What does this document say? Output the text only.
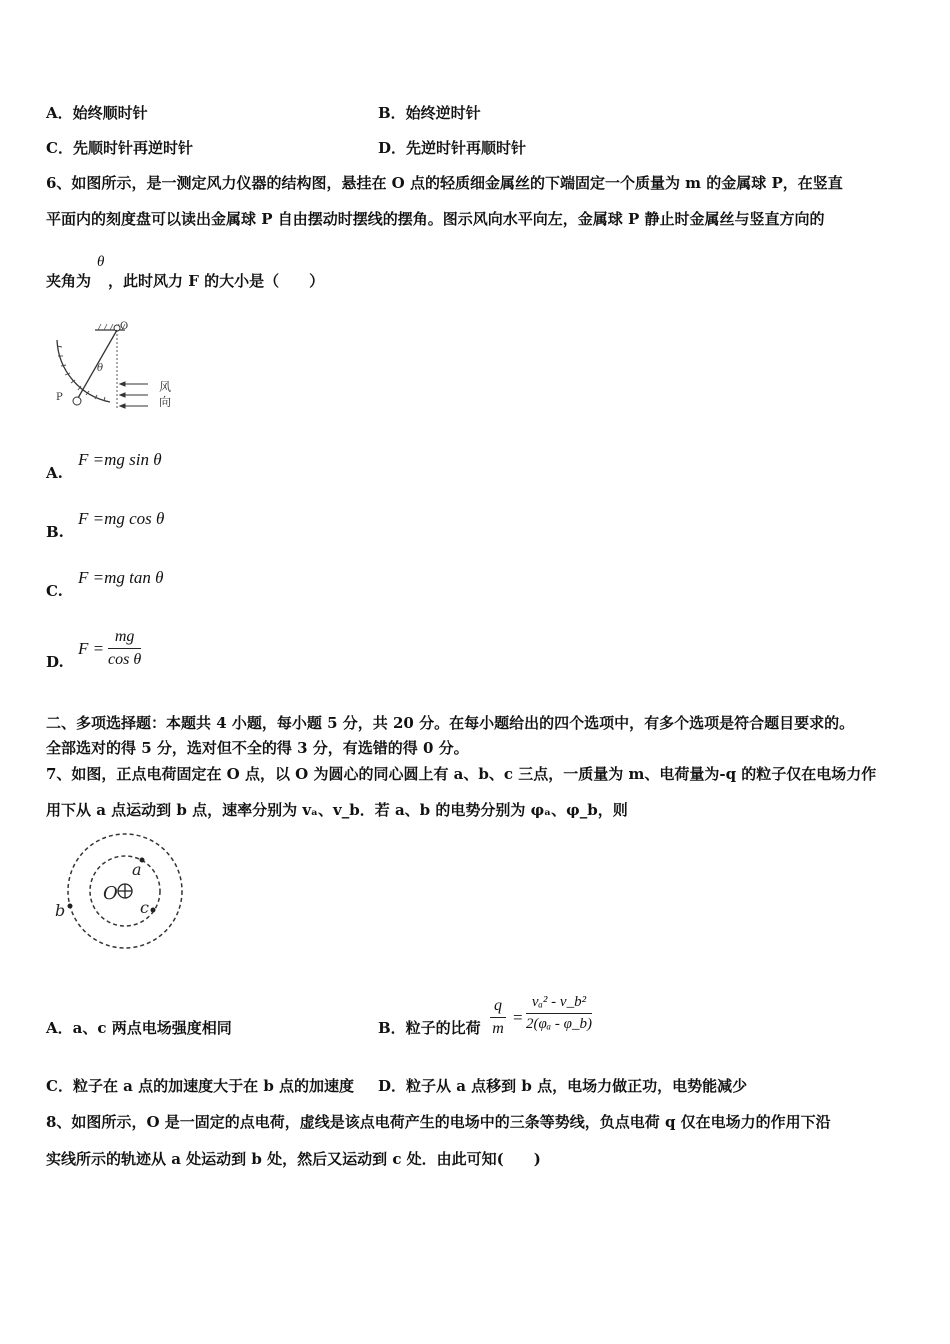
A．始终顺时针	B．始终逆时针
C．先顺时针再逆时针	D．先逆时针再顺时针
6、如图所示，是一测定风力仪器的结构图，悬挂在 O 点的轻质细金属丝的下端固定一个质量为 m 的金属球 P，在竖直
平面内的刻度盘可以读出金属球 P 自由摆动时摆线的摆角。图示风向水平向左，金属球 P 静止时金属丝与竖直方向的
夹角为
θ
，此时风力 F 的大小是（　　）
θ
O
P
风
向
A.
F =mg sin θ
B.
F =mg cos θ
C.
F =mg tan θ
D.
$F = \frac{mg}{\text{cos θ}}$
二、多项选择题：本题共 4 小题，每小题 5 分，共 20 分。在每小题给出的四个选项中，有多个选项是符合题目要求的。
全部选对的得 5 分，选对但不全的得 3 分，有选错的得 0 分。
7、如图，正点电荷固定在 O 点，以 O 为圆心的同心圆上有 a、b、c 三点，一质量为 m、电荷量为-q 的粒子仅在电场力作
用下从 a 点运动到 b 点，速率分别为 vₐ、v_b．若 a、b 的电势分别为 φₐ、φ_b，则
O
a
c
b
A．a、c 两点电场强度相同	B．粒子的比荷 $\frac{q}{m} = \frac{\text{vₐ² - v\_b²}}{\text{2(φₐ - φ\_b)}}$
C．粒子在 a 点的加速度大于在 b 点的加速度 D．粒子从 a 点移到 b 点，电场力做正功，电势能减少
8、如图所示，O 是一固定的点电荷，虚线是该点电荷产生的电场中的三条等势线，负点电荷 q 仅在电场力的作用下沿
实线所示的轨迹从 a 处运动到 b 处，然后又运动到 c 处．由此可知(　　)
